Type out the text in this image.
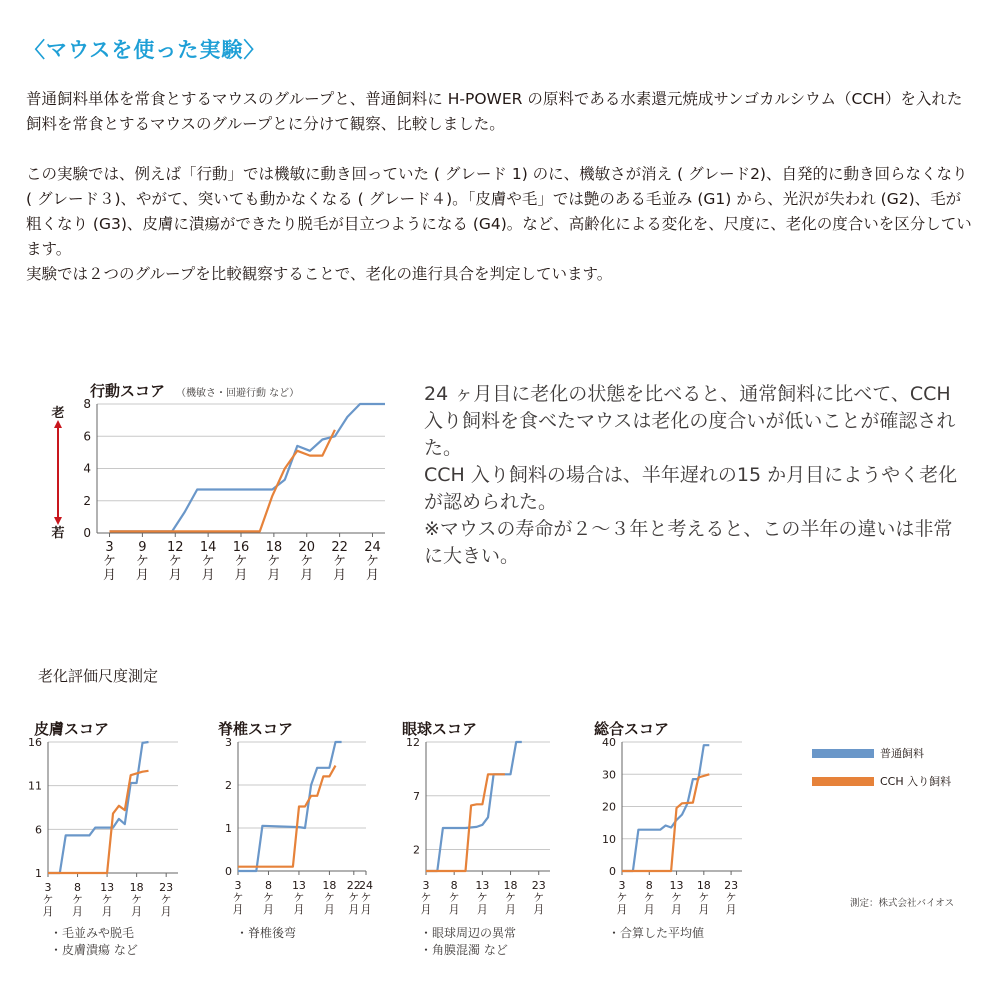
〈マウスを使った実験〉

普通飼料単体を常食とするマウスのグループと、普通飼料に H-POWER の原料である水素還元焼成サンゴカルシウム（CCH）を入れた飼料を常食とするマウスのグループとに分けて観察、比較しました。

この実験では、例えば「行動」では機敏に動き回っていた ( グレード 1) のに、機敏さが消え ( グレード2)、自発的に動き回らなくなり ( グレード３)、やがて、突いても動かなくなる ( グレード４)。「皮膚や毛」では艶のある毛並み (G1) から、光沢が失われ (G2)、毛が粗くなり (G3)、皮膚に潰瘍ができたり脱毛が目立つようになる (G4)。など、高齢化による変化を、尺度に、老化の度合いを区分しています。

実験では２つのグループを比較観察することで、老化の進行具合を判定しています。

行動スコア （機敏さ・回避行動 など）
0
2
4
6
8
3
ケ
月
9
ケ
月
12
ケ
月
14
ケ
月
16
ケ
月
18
ケ
月
20
ケ
月
22
ケ
月
24
ケ
月
老
若

24 ヶ月目に老化の状態を比べると、通常飼料に比べて、CCH 入り飼料を食べたマウスは老化の度合いが低いことが確認された。

CCH 入り飼料の場合は、半年遅れの15 か月目にようやく老化が認められた。

※マウスの寿命が２～３年と考えると、この半年の違いは非常に大きい。

老化評価尺度測定
皮膚スコア
1
6
11
16
3
ケ
月
8
ケ
月
13
ケ
月
18
ケ
月
23
ケ
月
・毛並みや脱毛
・皮膚潰瘍 など
脊椎スコア
0
1
2
3
3
ケ
月
8
ケ
月
13
ケ
月
18
ケ
月
22
ケ
月
24
ケ
月
・脊椎後弯
眼球スコア
2
7
12
3
ケ
月
8
ケ
月
13
ケ
月
18
ケ
月
23
ケ
月
・眼球周辺の異常
・角膜混濁 など
総合スコア
0
10
20
30
40
3
ケ
月
8
ケ
月
13
ケ
月
18
ケ
月
23
ケ
月
・合算した平均値
普通飼料
CCH 入り飼料
測定：株式会社バイオス
